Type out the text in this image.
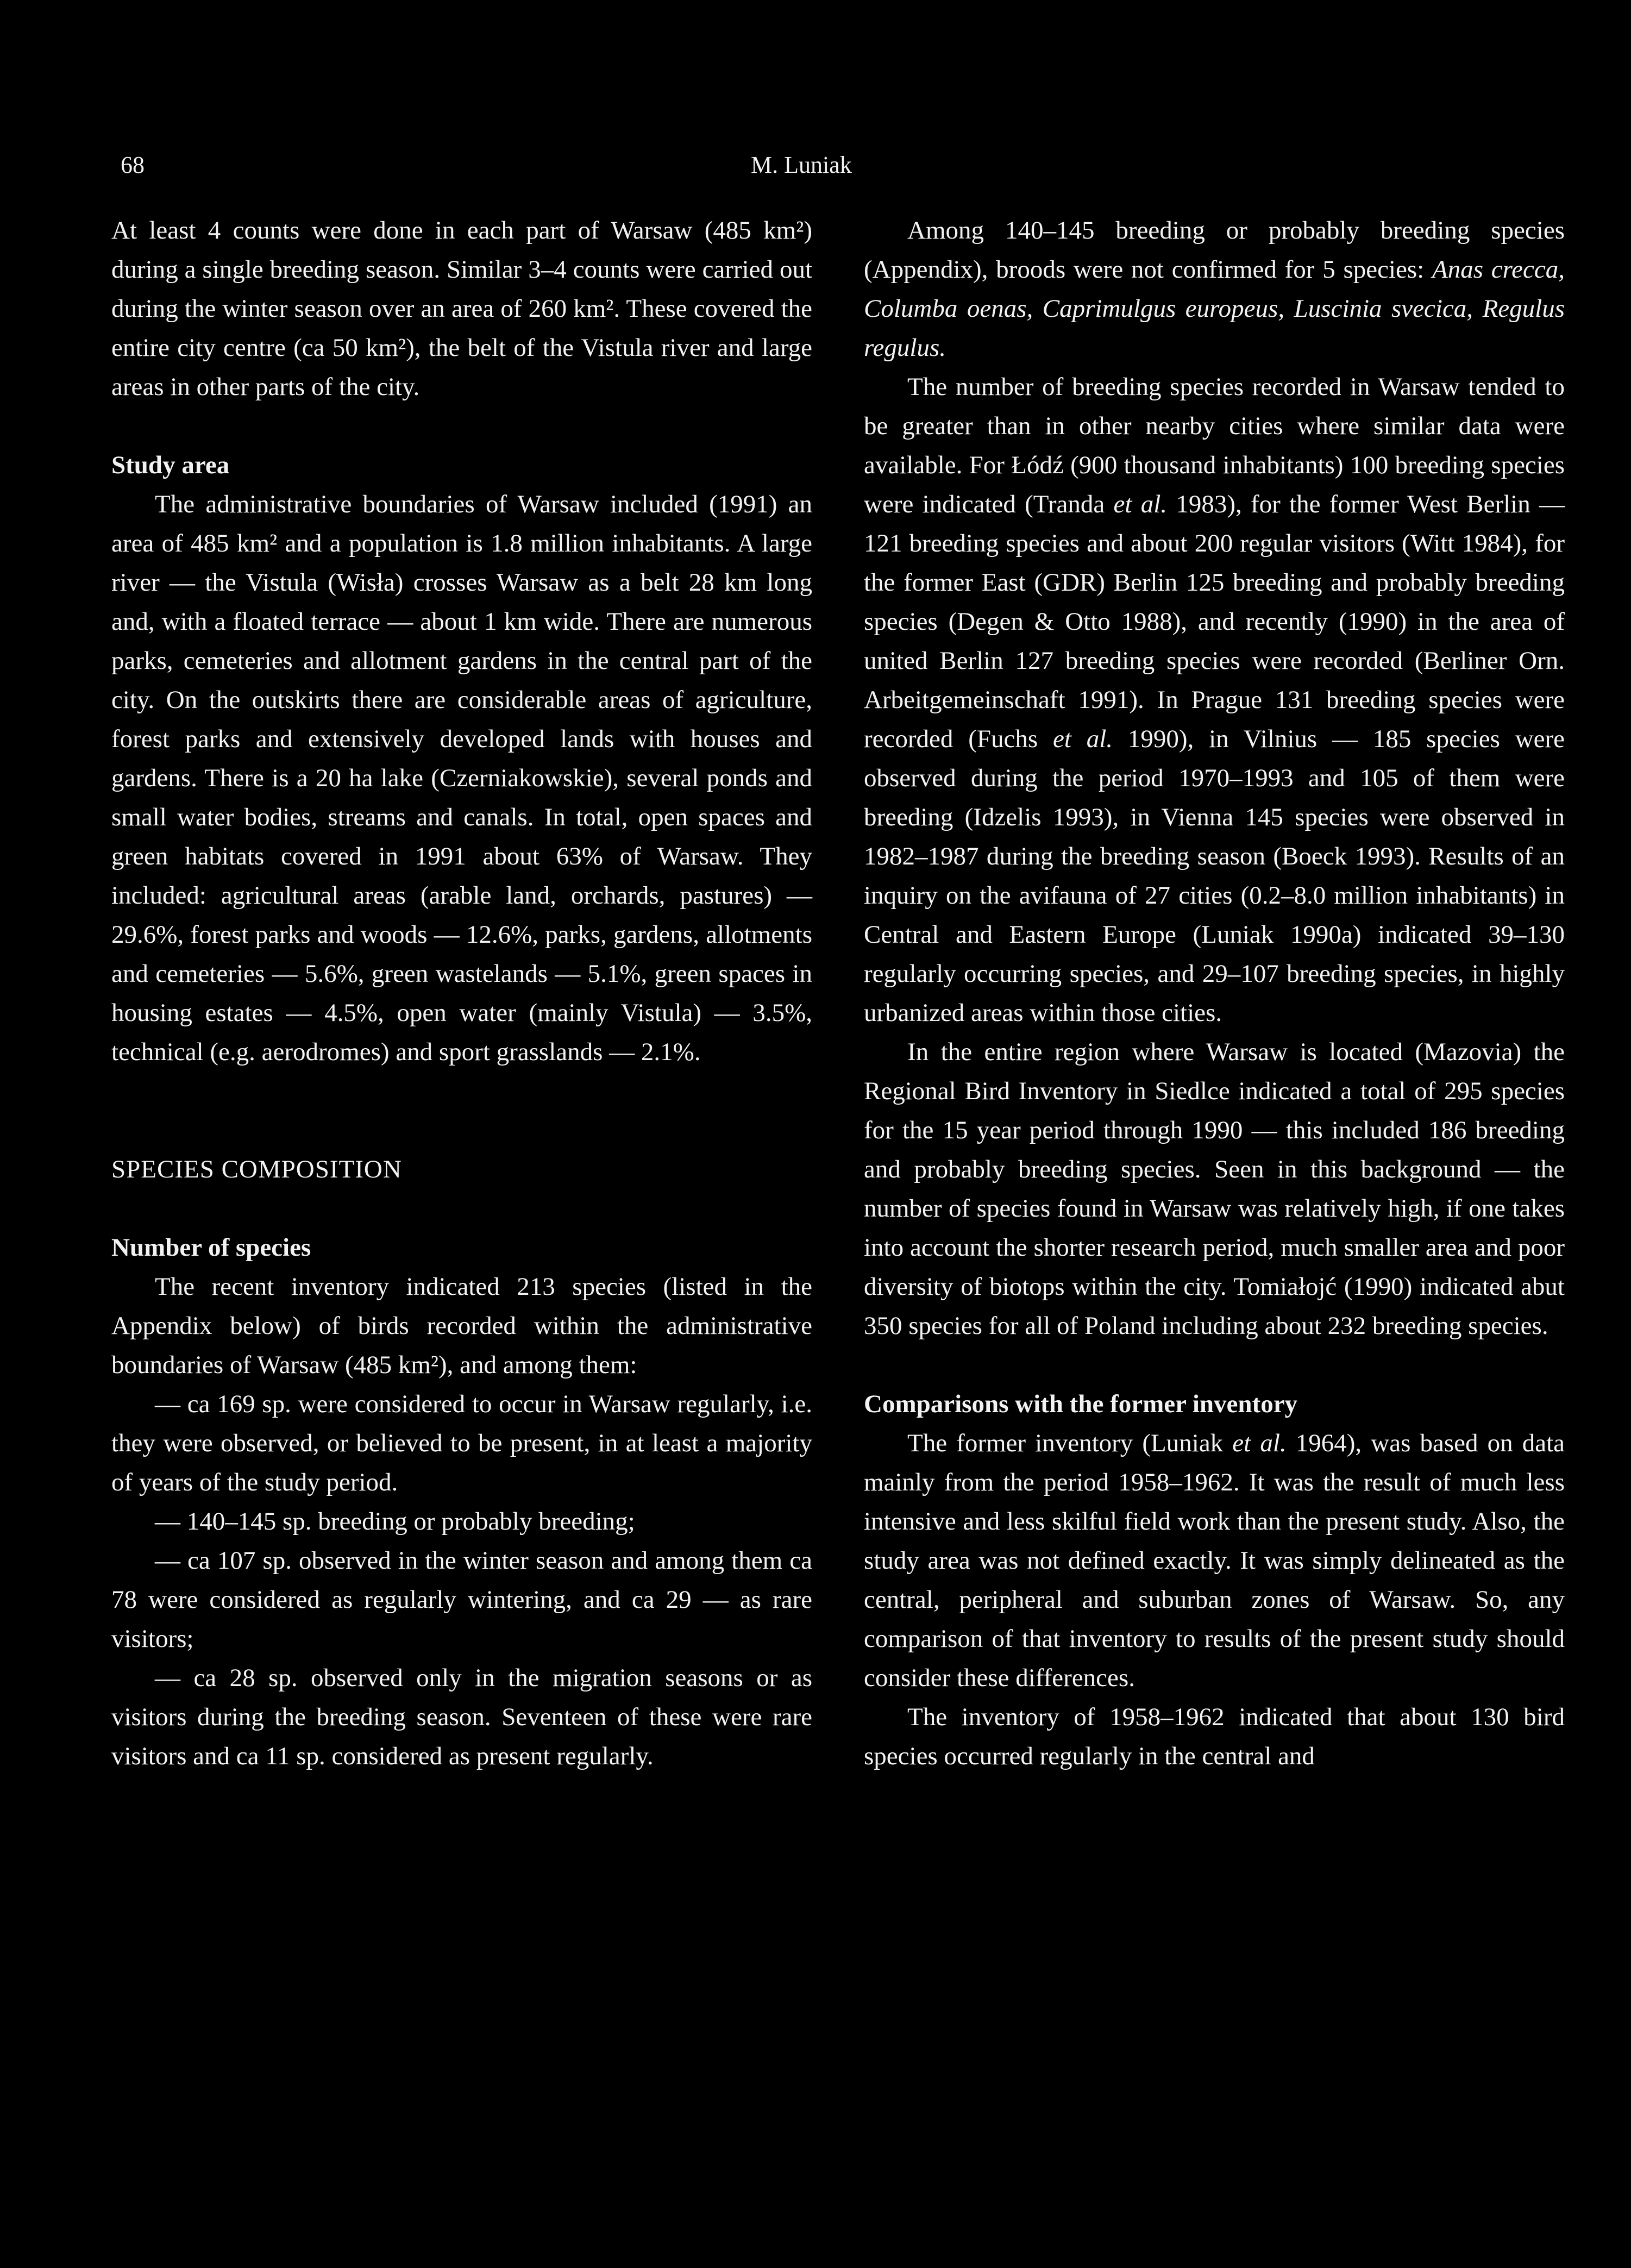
68	M. Luniak

At least 4 counts were done in each part of Warsaw (485 km²) during a single breeding season. Similar 3–4 counts were carried out during the winter season over an area of 260 km². These covered the entire city centre (ca 50 km²), the belt of the Vistula river and large areas in other parts of the city.

Study area

The administrative boundaries of Warsaw included (1991) an area of 485 km² and a population is 1.8 million inhabitants. A large river — the Vistula (Wisła) crosses Warsaw as a belt 28 km long and, with a floated terrace — about 1 km wide. There are numerous parks, cemeteries and allotment gardens in the central part of the city. On the outskirts there are considerable areas of agriculture, forest parks and extensively developed lands with houses and gardens. There is a 20 ha lake (Czerniakowskie), several ponds and small water bodies, streams and canals. In total, open spaces and green habitats covered in 1991 about 63% of Warsaw. They included: agricultural areas (arable land, orchards, pastures) — 29.6%, forest parks and woods — 12.6%, parks, gardens, allotments and cemeteries — 5.6%, green wastelands — 5.1%, green spaces in housing estates — 4.5%, open water (mainly Vistula) — 3.5%, technical (e.g. aerodromes) and sport grasslands — 2.1%.

SPECIES COMPOSITION
Number of species

The recent inventory indicated 213 species (listed in the Appendix below) of birds recorded within the administrative boundaries of Warsaw (485 km²), and among them:

— ca 169 sp. were considered to occur in Warsaw regularly, i.e. they were observed, or believed to be present, in at least a majority of years of the study period.

— 140–145 sp. breeding or probably breeding;

— ca 107 sp. observed in the winter season and among them ca 78 were considered as regularly wintering, and ca 29 — as rare visitors;

— ca 28 sp. observed only in the migration seasons or as visitors during the breeding season. Seventeen of these were rare visitors and ca 11 sp. considered as present regularly.

Among 140–145 breeding or probably breeding species (Appendix), broods were not confirmed for 5 species: Anas crecca, Columba oenas, Caprimulgus europeus, Luscinia svecica, Regulus regulus.

The number of breeding species recorded in Warsaw tended to be greater than in other nearby cities where similar data were available. For Łódź (900 thousand inhabitants) 100 breeding species were indicated (Tranda et al. 1983), for the former West Berlin — 121 breeding species and about 200 regular visitors (Witt 1984), for the former East (GDR) Berlin 125 breeding and probably breeding species (Degen & Otto 1988), and recently (1990) in the area of united Berlin 127 breeding species were recorded (Berliner Orn. Arbeitgemeinschaft 1991). In Prague 131 breeding species were recorded (Fuchs et al. 1990), in Vilnius — 185 species were observed during the period 1970–1993 and 105 of them were breeding (Idzelis 1993), in Vienna 145 species were observed in 1982–1987 during the breeding season (Boeck 1993). Results of an inquiry on the avifauna of 27 cities (0.2–8.0 million inhabitants) in Central and Eastern Europe (Luniak 1990a) indicated 39–130 regularly occurring species, and 29–107 breeding species, in highly urbanized areas within those cities.

In the entire region where Warsaw is located (Mazovia) the Regional Bird Inventory in Siedlce indicated a total of 295 species for the 15 year period through 1990 — this included 186 breeding and probably breeding species. Seen in this background — the number of species found in Warsaw was relatively high, if one takes into account the shorter research period, much smaller area and poor diversity of biotops within the city. Tomiałojć (1990) indicated abut 350 species for all of Poland including about 232 breeding species.

Comparisons with the former inventory

The former inventory (Luniak et al. 1964), was based on data mainly from the period 1958–1962. It was the result of much less intensive and less skilful field work than the present study. Also, the study area was not defined exactly. It was simply delineated as the central, peripheral and suburban zones of Warsaw. So, any comparison of that inventory to results of the present study should consider these differences.

The inventory of 1958–1962 indicated that about 130 bird species occurred regularly in the central and
